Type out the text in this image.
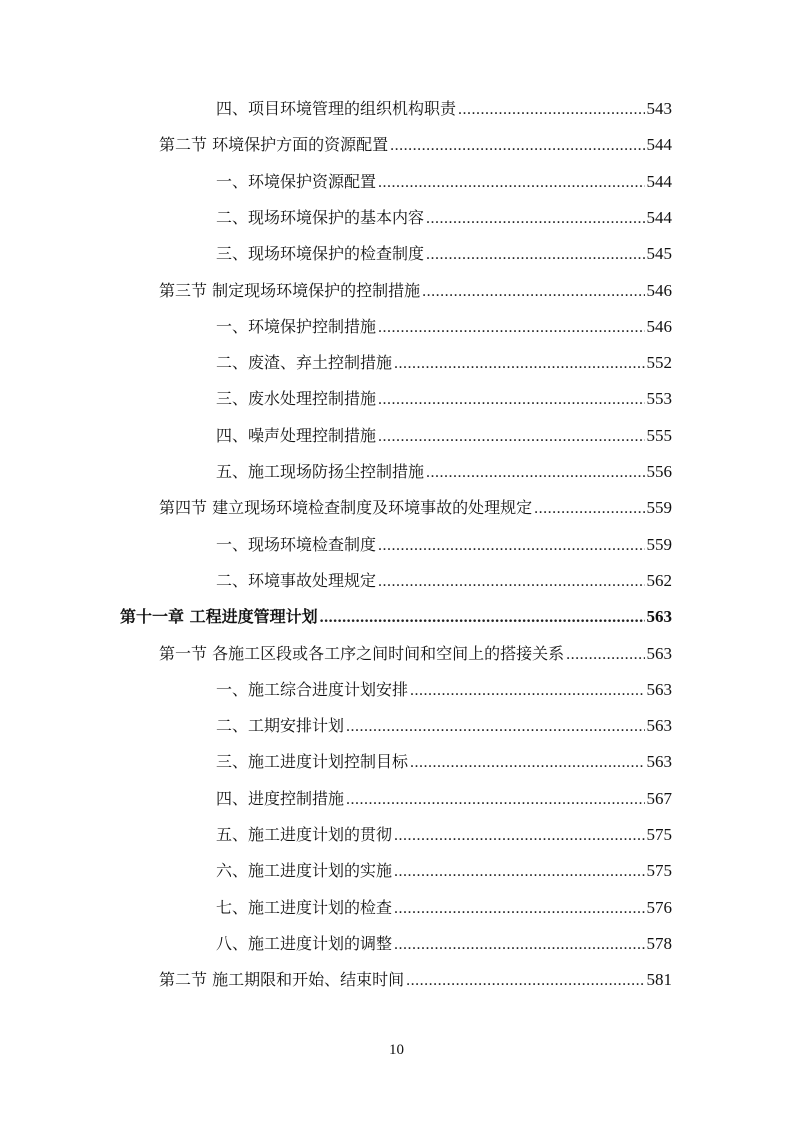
四、项目环境管理的组织机构职责 .....	543
第二节 环境保护方面的资源配置 .....	544
一、环境保护资源配置 .....	544
二、现场环境保护的基本内容 .....	544
三、现场环境保护的检查制度 .....	545
第三节 制定现场环境保护的控制措施 .....	546
一、环境保护控制措施 .....	546
二、废渣、弃土控制措施 .....	552
三、废水处理控制措施 .....	553
四、噪声处理控制措施 .....	555
五、施工现场防扬尘控制措施 .....	556
第四节 建立现场环境检查制度及环境事故的处理规定 .....	559
一、现场环境检查制度 .....	559
二、环境事故处理规定 .....	562
第十一章 工程进度管理计划 .....	563
第一节 各施工区段或各工序之间时间和空间上的搭接关系 .....	563
一、施工综合进度计划安排 .....	563
二、工期安排计划 .....	563
三、施工进度计划控制目标 .....	563
四、进度控制措施 .....	567
五、施工进度计划的贯彻 .....	575
六、施工进度计划的实施 .....	575
七、施工进度计划的检查 .....	576
八、施工进度计划的调整 .....	578
第二节 施工期限和开始、结束时间 .....	581
10
